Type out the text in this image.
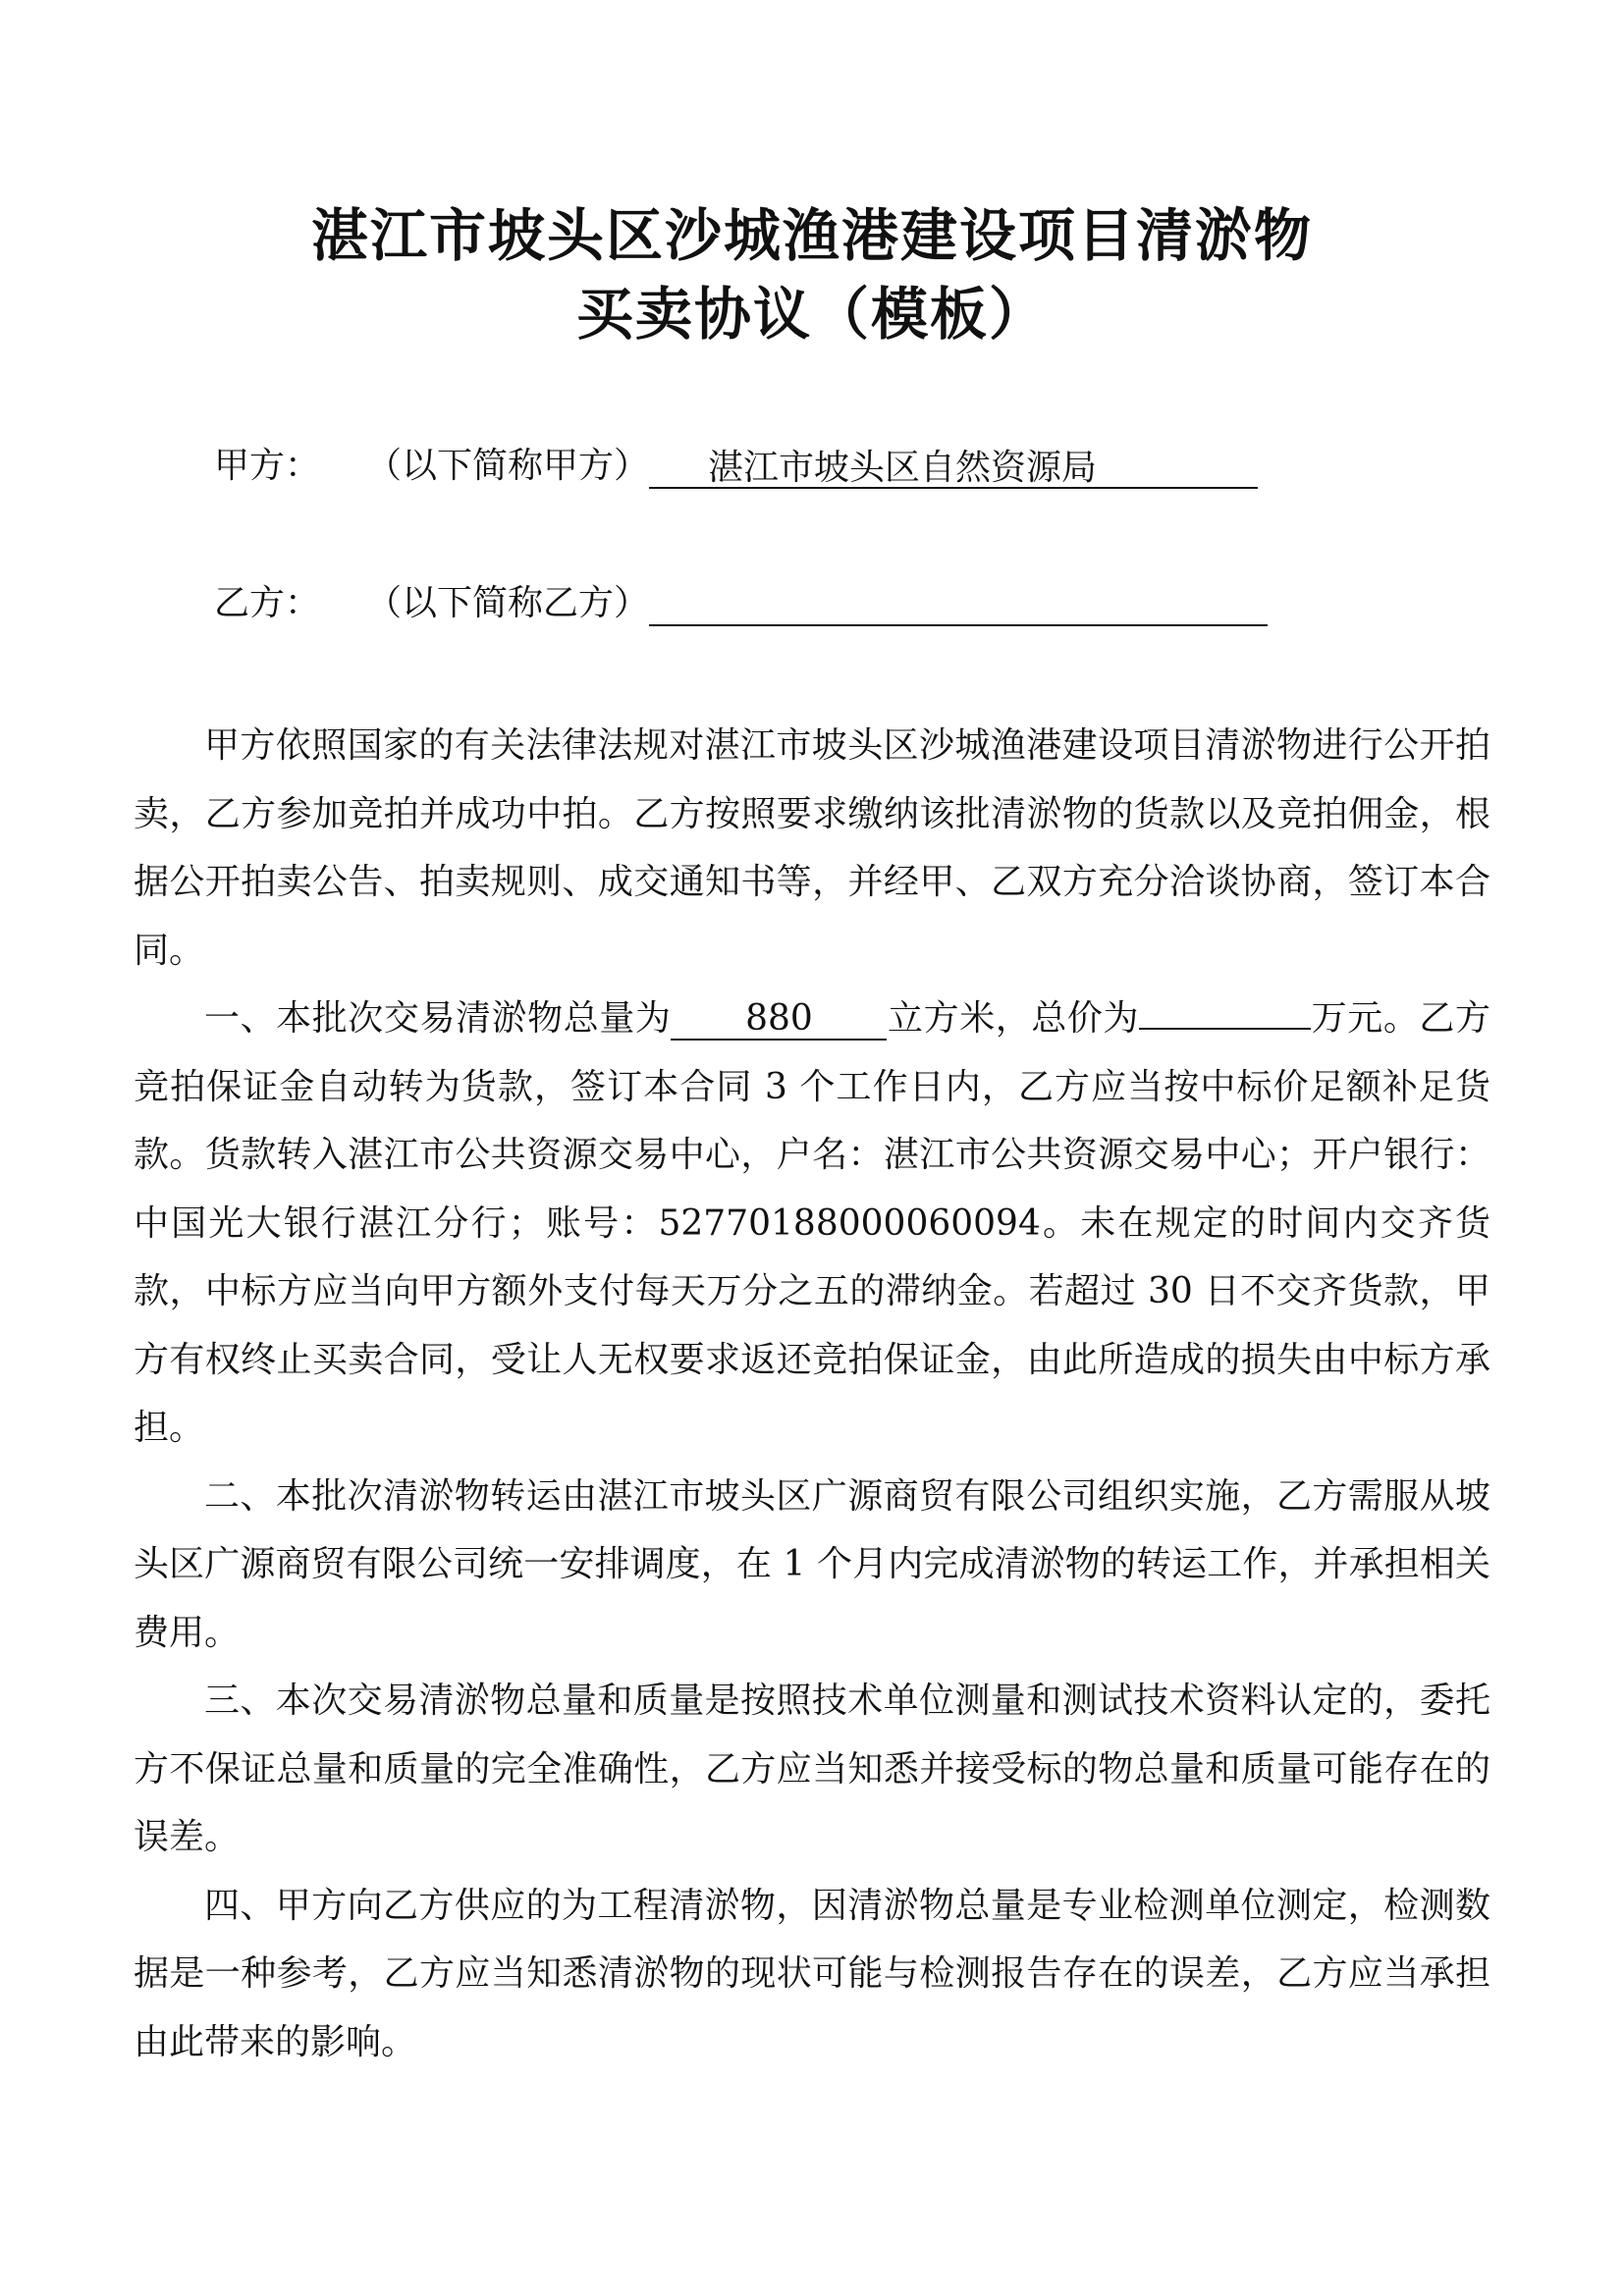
湛江市坡头区沙城渔港建设项目清淤物
买卖协议（模板）
甲方： （以下简称甲方） 湛江市坡头区自然资源局
乙方： （以下简称乙方）

甲方依照国家的有关法律法规对湛江市坡头区沙城渔港建设项目清淤物进行公开拍卖，乙方参加竞拍并成功中拍。乙方按照要求缴纳该批清淤物的货款以及竞拍佣金，根据公开拍卖公告、拍卖规则、成交通知书等，并经甲、乙双方充分洽谈协商，签订本合同。

一、本批次交易清淤物总量为 880 立方米，总价为	万元。乙方竞拍保证金自动转为货款，签订本合同 3 个工作日内，乙方应当按中标价足额补足货款。货款转入湛江市公共资源交易中心，户名：湛江市公共资源交易中心；开户银行：中国光大银行湛江分行；账号：52770188000060094。未在规定的时间内交齐货款，中标方应当向甲方额外支付每天万分之五的滞纳金。若超过 30 日不交齐货款，甲方有权终止买卖合同，受让人无权要求返还竞拍保证金，由此所造成的损失由中标方承担。

二、本批次清淤物转运由湛江市坡头区广源商贸有限公司组织实施，乙方需服从坡头区广源商贸有限公司统一安排调度，在 1 个月内完成清淤物的转运工作，并承担相关费用。

三、本次交易清淤物总量和质量是按照技术单位测量和测试技术资料认定的，委托方不保证总量和质量的完全准确性，乙方应当知悉并接受标的物总量和质量可能存在的误差。

四、甲方向乙方供应的为工程清淤物，因清淤物总量是专业检测单位测定，检测数据是一种参考，乙方应当知悉清淤物的现状可能与检测报告存在的误差，乙方应当承担由此带来的影响。
